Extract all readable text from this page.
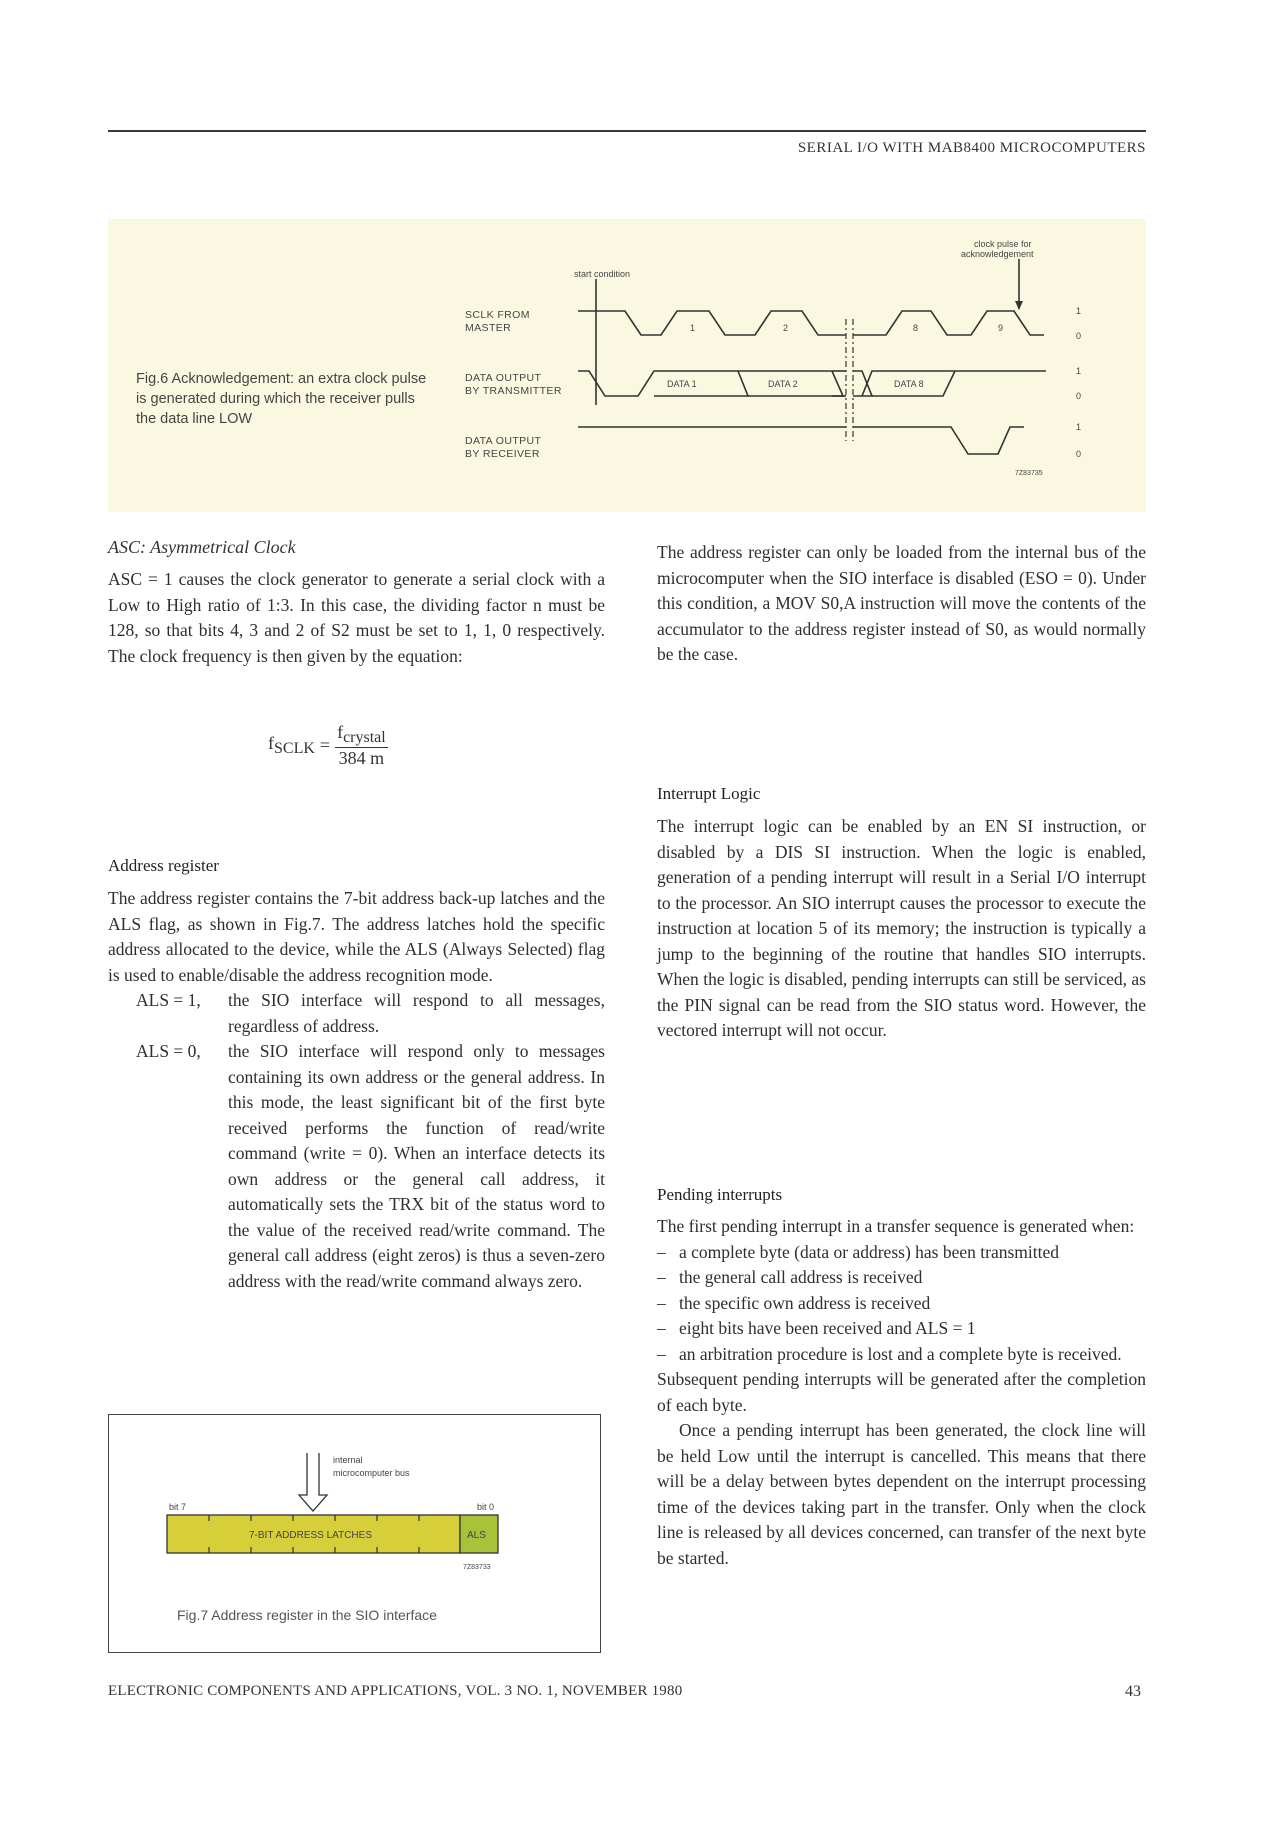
SERIAL I/O WITH MAB8400 MICROCOMPUTERS
Fig.6 Acknowledgement: an extra clock pulse is generated during which the receiver pulls the data line LOW
SCLK FROM
MASTER
DATA OUTPUT
BY TRANSMITTER
DATA OUTPUT
BY RECEIVER
start condition
clock pulse for
acknowledgement
1	2	8	9
DATA 1	DATA 2	DATA 8
1
0
1
0
1
0
7Z83735
ASC: Asymmetrical Clock

ASC = 1 causes the clock generator to generate a serial clock with a Low to High ratio of 1:3. In this case, the dividing factor n must be 128, so that bits 4, 3 and 2 of S2 must be set to 1, 1, 0 respectively. The clock frequency is then given by the equation:

fSCLK =
fcrystal
384 m
Address register

The address register contains the 7-bit address back-up latches and the ALS flag, as shown in Fig.7. The address latches hold the specific address allocated to the device, while the ALS (Always Selected) flag is used to enable/disable the address recognition mode.

ALS = 1,	the SIO interface will respond to all messages, regardless of address.
ALS = 0,	the SIO interface will respond only to messages containing its own address or the general address. In this mode, the least significant bit of the first byte received performs the function of read/write command (write = 0). When an interface detects its own address or the general call address, it automatically sets the TRX bit of the status word to the value of the received read/write command. The general call address (eight zeros) is thus a seven-zero address with the read/write command always zero.
internal
microcomputer bus
bit 7	bit 0
7-BIT ADDRESS LATCHES	ALS
7Z83733
Fig.7 Address register in the SIO interface

The address register can only be loaded from the internal bus of the microcomputer when the SIO interface is disabled (ESO = 0). Under this condition, a MOV S0,A instruction will move the contents of the accumulator to the address register instead of S0, as would normally be the case.

Interrupt Logic

The interrupt logic can be enabled by an EN SI instruction, or disabled by a DIS SI instruction. When the logic is enabled, generation of a pending interrupt will result in a Serial I/O interrupt to the processor. An SIO interrupt causes the processor to execute the instruction at location 5 of its memory; the instruction is typically a jump to the beginning of the routine that handles SIO interrupts. When the logic is disabled, pending interrupts can still be serviced, as the PIN signal can be read from the SIO status word. However, the vectored interrupt will not occur.

Pending interrupts

The first pending interrupt in a transfer sequence is generated when:

– a complete byte (data or address) has been transmitted
– the general call address is received
– the specific own address is received
– eight bits have been received and ALS = 1
– an arbitration procedure is lost and a complete byte is received.

Subsequent pending interrupts will be generated after the completion of each byte.

Once a pending interrupt has been generated, the clock line will be held Low until the interrupt is cancelled. This means that there will be a delay between bytes dependent on the interrupt processing time of the devices taking part in the transfer. Only when the clock line is released by all devices concerned, can transfer of the next byte be started.

ELECTRONIC COMPONENTS AND APPLICATIONS, VOL. 3 NO. 1, NOVEMBER 1980	43
